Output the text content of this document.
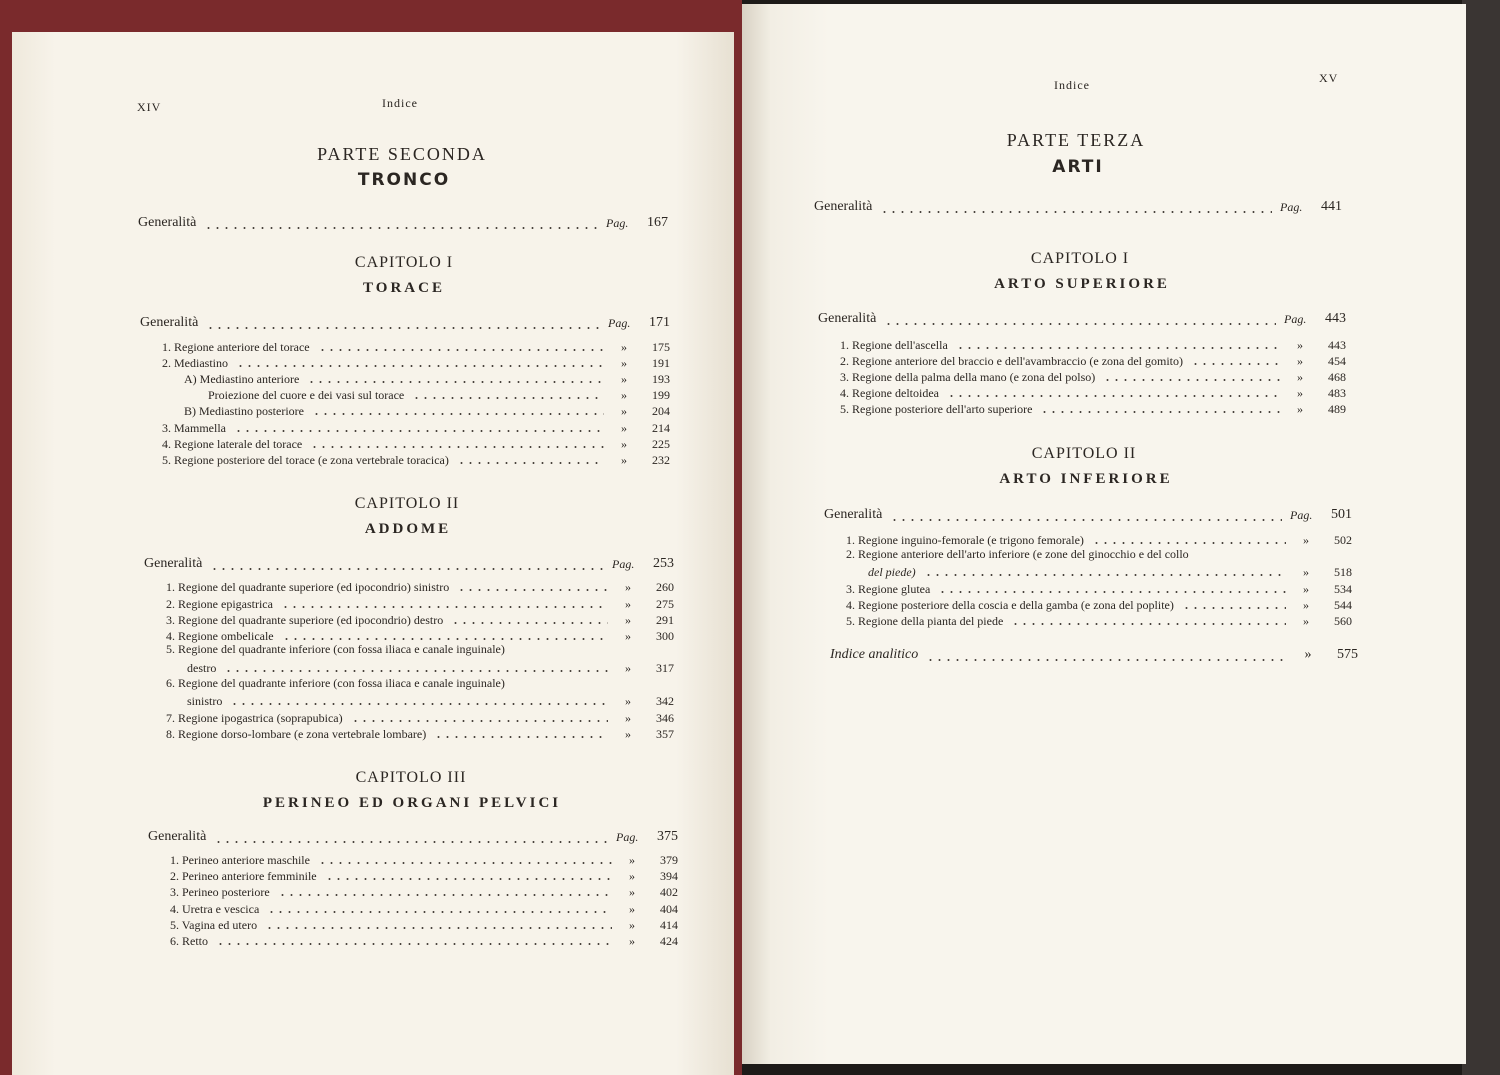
XIV	Indice
PARTE SECONDA
TRONCO
Generalità	Pag. 167
CAPITOLO I
TORACE
Generalità	Pag. 171
1. Regione anteriore del torace	»	175
2. Mediastino	»	191
A) Mediastino anteriore	»	193
Proiezione del cuore e dei vasi sul torace	»	199
B) Mediastino posteriore	»	204
3. Mammella	»	214
4. Regione laterale del torace	»	225
5. Regione posteriore del torace (e zona vertebrale toracica)	»	232
CAPITOLO II
ADDOME
Generalità	Pag. 253
1. Regione del quadrante superiore (ed ipocondrio) sinistro	»	260
2. Regione epigastrica	»	275
3. Regione del quadrante superiore (ed ipocondrio) destro	»	291
4. Regione ombelicale	»	300
5. Regione del quadrante inferiore (con fossa iliaca e canale inguinale)
destro	»	317
6. Regione del quadrante inferiore (con fossa iliaca e canale inguinale)
sinistro	»	342
7. Regione ipogastrica (soprapubica)	»	346
8. Regione dorso-lombare (e zona vertebrale lombare)	»	357
CAPITOLO III
PERINEO ED ORGANI PELVICI
Generalità	Pag. 375
1. Perineo anteriore maschile	»	379
2. Perineo anteriore femminile	»	394
3. Perineo posteriore	»	402
4. Uretra e vescica	»	404
5. Vagina ed utero	»	414
6. Retto	»	424
Indice	XV
PARTE TERZA
ARTI
Generalità	Pag. 441
CAPITOLO I
ARTO SUPERIORE
Generalità	Pag. 443
1. Regione dell'ascella	»	443
2. Regione anteriore del braccio e dell'avambraccio (e zona del gomito)	»	454
3. Regione della palma della mano (e zona del polso)	»	468
4. Regione deltoidea	»	483
5. Regione posteriore dell'arto superiore	»	489
CAPITOLO II
ARTO INFERIORE
Generalità	Pag. 501
1. Regione inguino-femorale (e trigono femorale)	»	502
2. Regione anteriore dell'arto inferiore (e zone del ginocchio e del collo
del piede)	»	518
3. Regione glutea	»	534
4. Regione posteriore della coscia e della gamba (e zona del poplite)	»	544
5. Regione della pianta del piede	»	560
Indice analitico	»	575
